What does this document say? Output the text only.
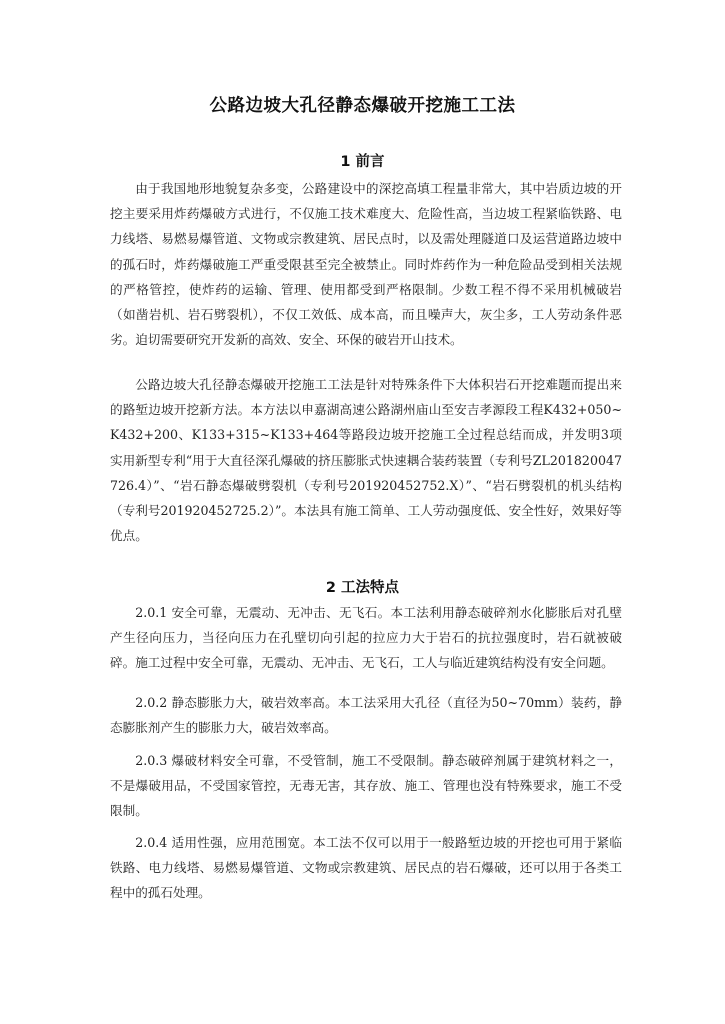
公路边坡大孔径静态爆破开挖施工工法
1 前言
由于我国地形地貌复杂多变，公路建设中的深挖高填工程量非常大，其中岩质边坡的开挖主要采用炸药爆破方式进行，不仅施工技术难度大、危险性高，当边坡工程紧临铁路、电力线塔、易燃易爆管道、文物或宗教建筑、居民点时，以及需处理隧道口及运营道路边坡中的孤石时，炸药爆破施工严重受限甚至完全被禁止。同时炸药作为一种危险品受到相关法规的严格管控，使炸药的运输、管理、使用都受到严格限制。少数工程不得不采用机械破岩（如凿岩机、岩石劈裂机），不仅工效低、成本高，而且噪声大，灰尘多，工人劳动条件恶劣。迫切需要研究开发新的高效、安全、环保的破岩开山技术。
公路边坡大孔径静态爆破开挖施工工法是针对特殊条件下大体积岩石开挖难题而提出来的路堑边坡开挖新方法。本方法以申嘉湖高速公路湖州庙山至安吉孝源段工程K432+050~K432+200、K133+315~K133+464等路段边坡开挖施工全过程总结而成，并发明3项实用新型专利“用于大直径深孔爆破的挤压膨胀式快速耦合装药装置（专利号ZL201820047726.4）”、“岩石静态爆破劈裂机（专利号201920452752.X）”、“岩石劈裂机的机头结构（专利号201920452725.2）”。本法具有施工简单、工人劳动强度低、安全性好，效果好等优点。
2 工法特点
2.0.1 安全可靠，无震动、无冲击、无飞石。本工法利用静态破碎剂水化膨胀后对孔壁产生径向压力，当径向压力在孔壁切向引起的拉应力大于岩石的抗拉强度时，岩石就被破碎。施工过程中安全可靠，无震动、无冲击、无飞石，工人与临近建筑结构没有安全问题。
2.0.2 静态膨胀力大，破岩效率高。本工法采用大孔径（直径为50~70mm）装药，静态膨胀剂产生的膨胀力大，破岩效率高。
2.0.3 爆破材料安全可靠，不受管制，施工不受限制。静态破碎剂属于建筑材料之一，不是爆破用品，不受国家管控，无毒无害，其存放、施工、管理也没有特殊要求，施工不受限制。
2.0.4 适用性强，应用范围宽。本工法不仅可以用于一般路堑边坡的开挖也可用于紧临铁路、电力线塔、易燃易爆管道、文物或宗教建筑、居民点的岩石爆破，还可以用于各类工程中的孤石处理。
